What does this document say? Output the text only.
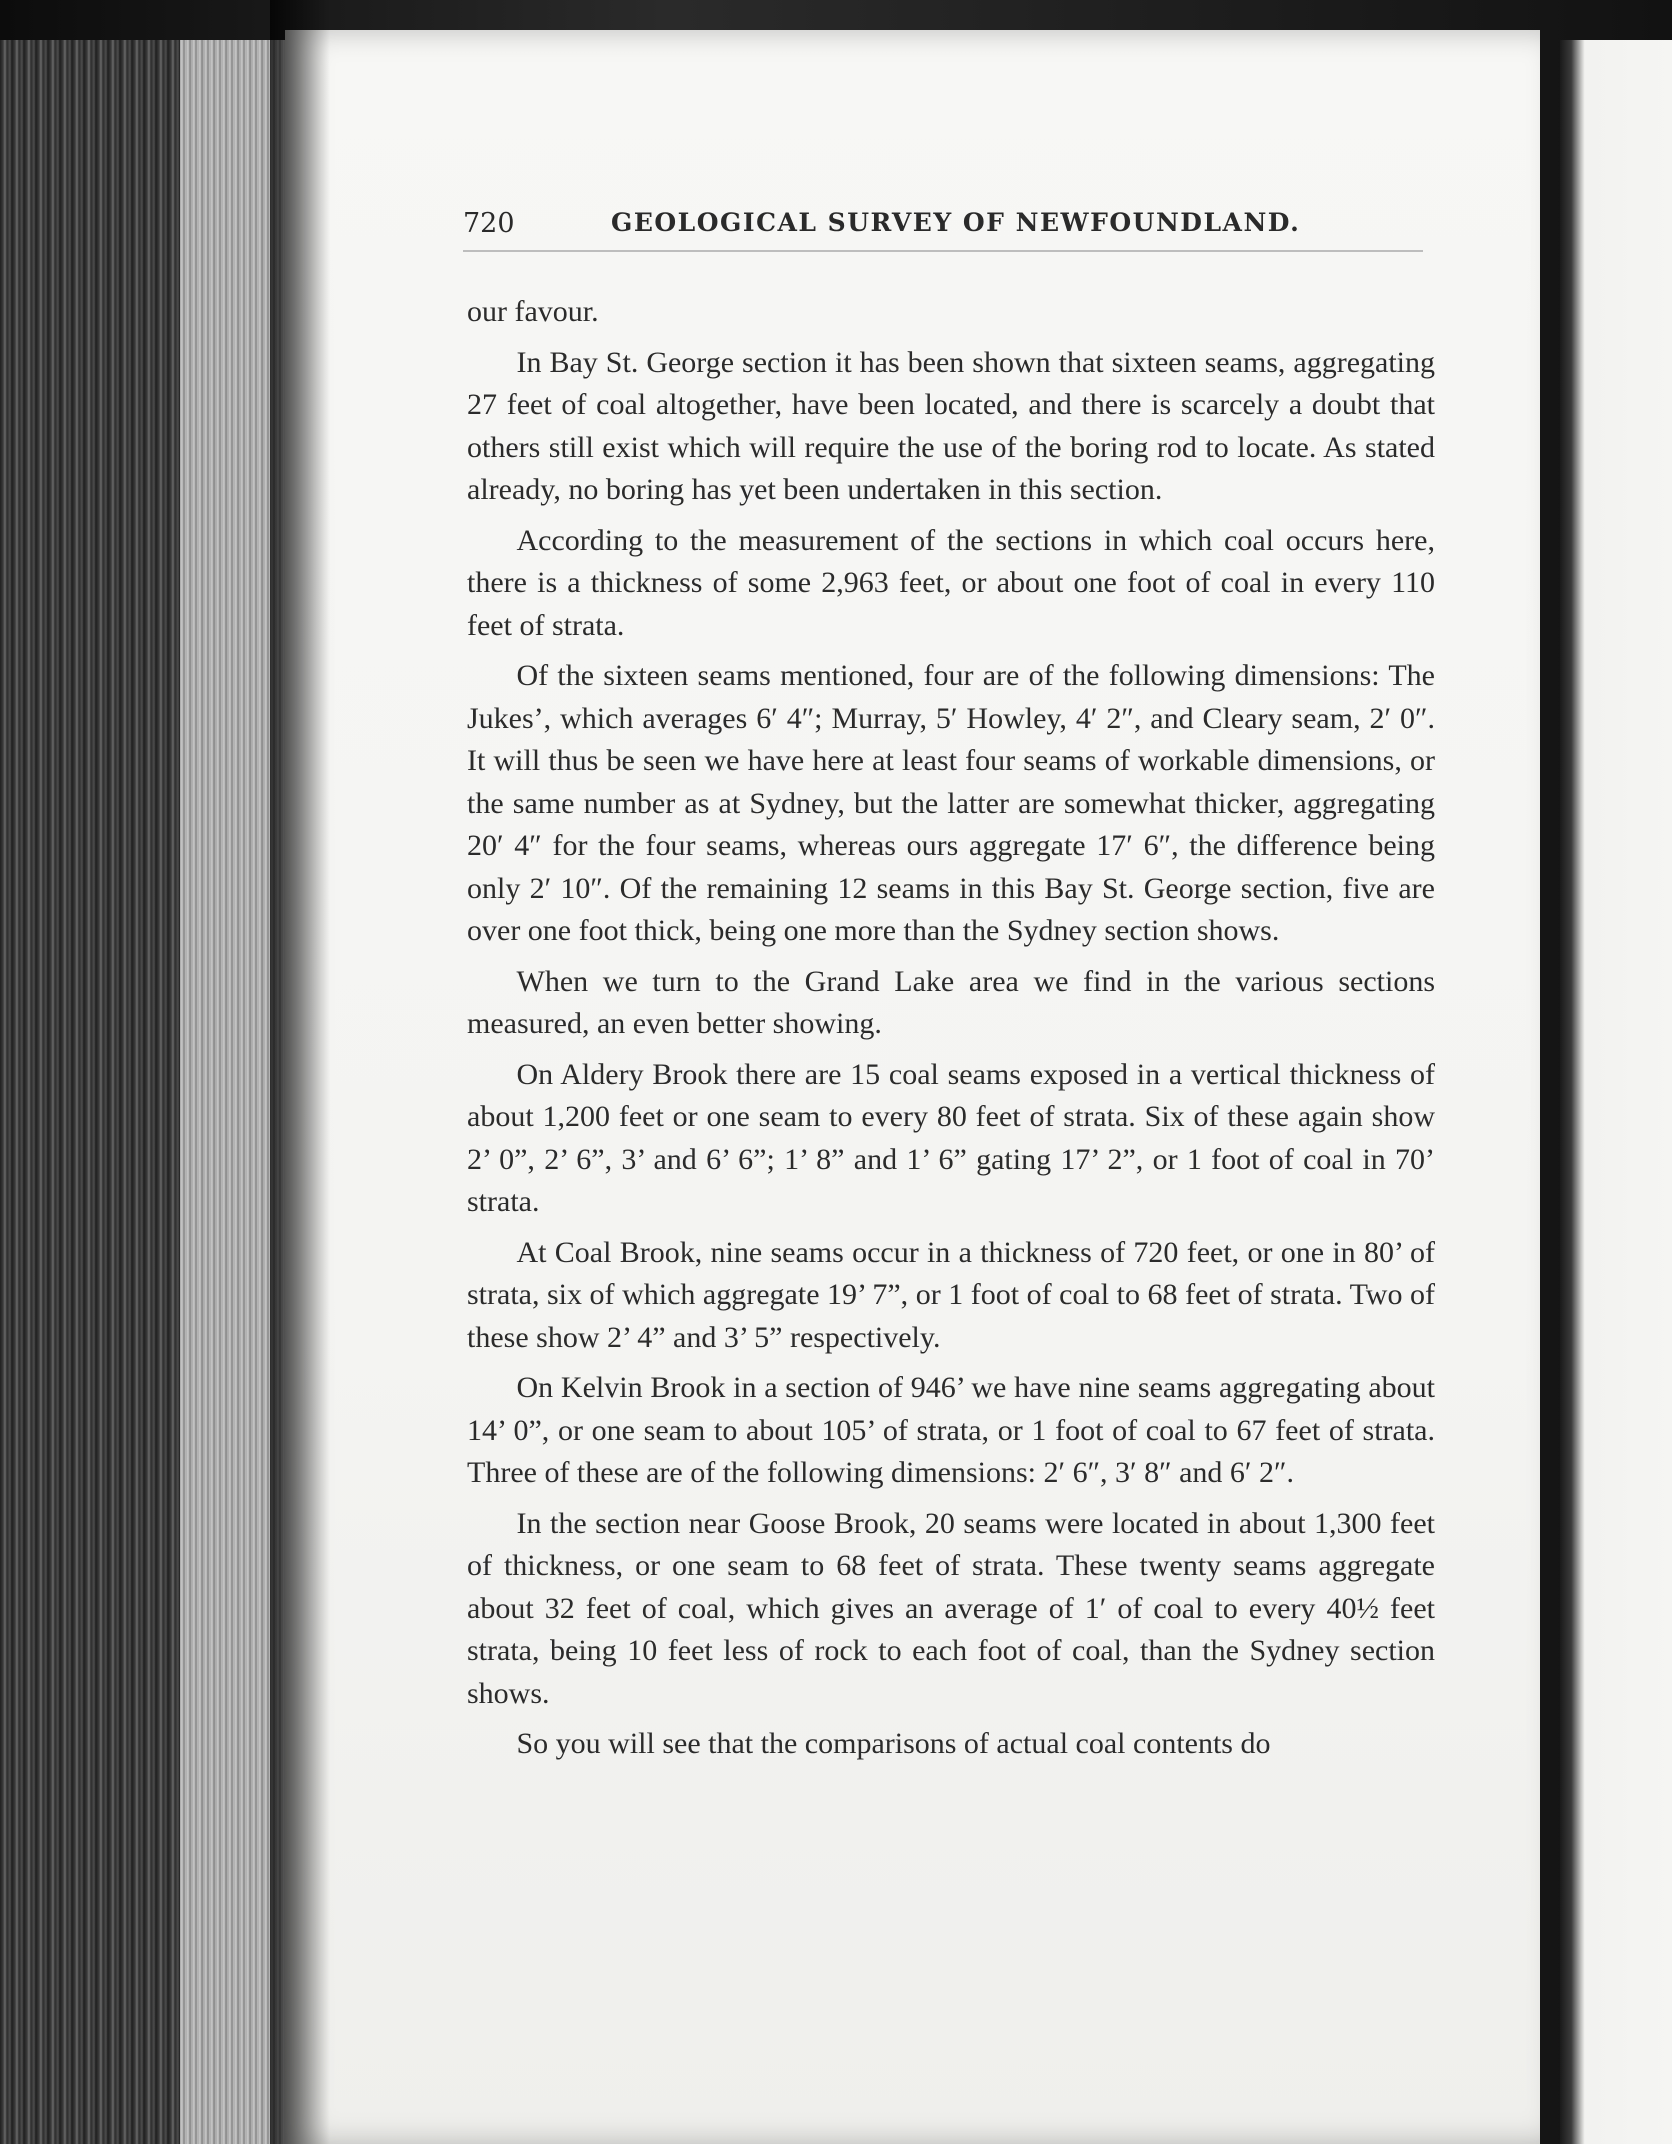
720	GEOLOGICAL SURVEY OF NEWFOUNDLAND.

our favour.

In Bay St. George section it has been shown that sixteen seams, aggregating 27 feet of coal altogether, have been located, and there is scarcely a doubt that others still exist which will require the use of the boring rod to locate. As stated already, no boring has yet been undertaken in this section.

According to the measurement of the sections in which coal occurs here, there is a thickness of some 2,963 feet, or about one foot of coal in every 110 feet of strata.

Of the sixteen seams mentioned, four are of the following dimensions: The Jukes’, which averages 6′ 4″; Murray, 5′ Howley, 4′ 2″, and Cleary seam, 2′ 0″. It will thus be seen we have here at least four seams of workable dimensions, or the same number as at Sydney, but the latter are somewhat thicker, aggregating 20′ 4″ for the four seams, whereas ours aggregate 17′ 6″, the difference being only 2′ 10″. Of the remaining 12 seams in this Bay St. George section, five are over one foot thick, being one more than the Sydney section shows.

When we turn to the Grand Lake area we find in the various sections measured, an even better showing.

On Aldery Brook there are 15 coal seams exposed in a vertical thickness of about 1,200 feet or one seam to every 80 feet of strata. Six of these again show 2’ 0”, 2’ 6”, 3’ and 6’ 6”; 1’ 8” and 1’ 6” gating 17’ 2”, or 1 foot of coal in 70’ strata.

At Coal Brook, nine seams occur in a thickness of 720 feet, or one in 80’ of strata, six of which aggregate 19’ 7”, or 1 foot of coal to 68 feet of strata. Two of these show 2’ 4” and 3’ 5” respectively.

On Kelvin Brook in a section of 946’ we have nine seams aggregating about 14’ 0”, or one seam to about 105’ of strata, or 1 foot of coal to 67 feet of strata. Three of these are of the following dimensions: 2′ 6″, 3′ 8″ and 6′ 2″.

In the section near Goose Brook, 20 seams were located in about 1,300 feet of thickness, or one seam to 68 feet of strata. These twenty seams aggregate about 32 feet of coal, which gives an average of 1′ of coal to every 40½ feet strata, being 10 feet less of rock to each foot of coal, than the Sydney section shows.

So you will see that the comparisons of actual coal contents do
